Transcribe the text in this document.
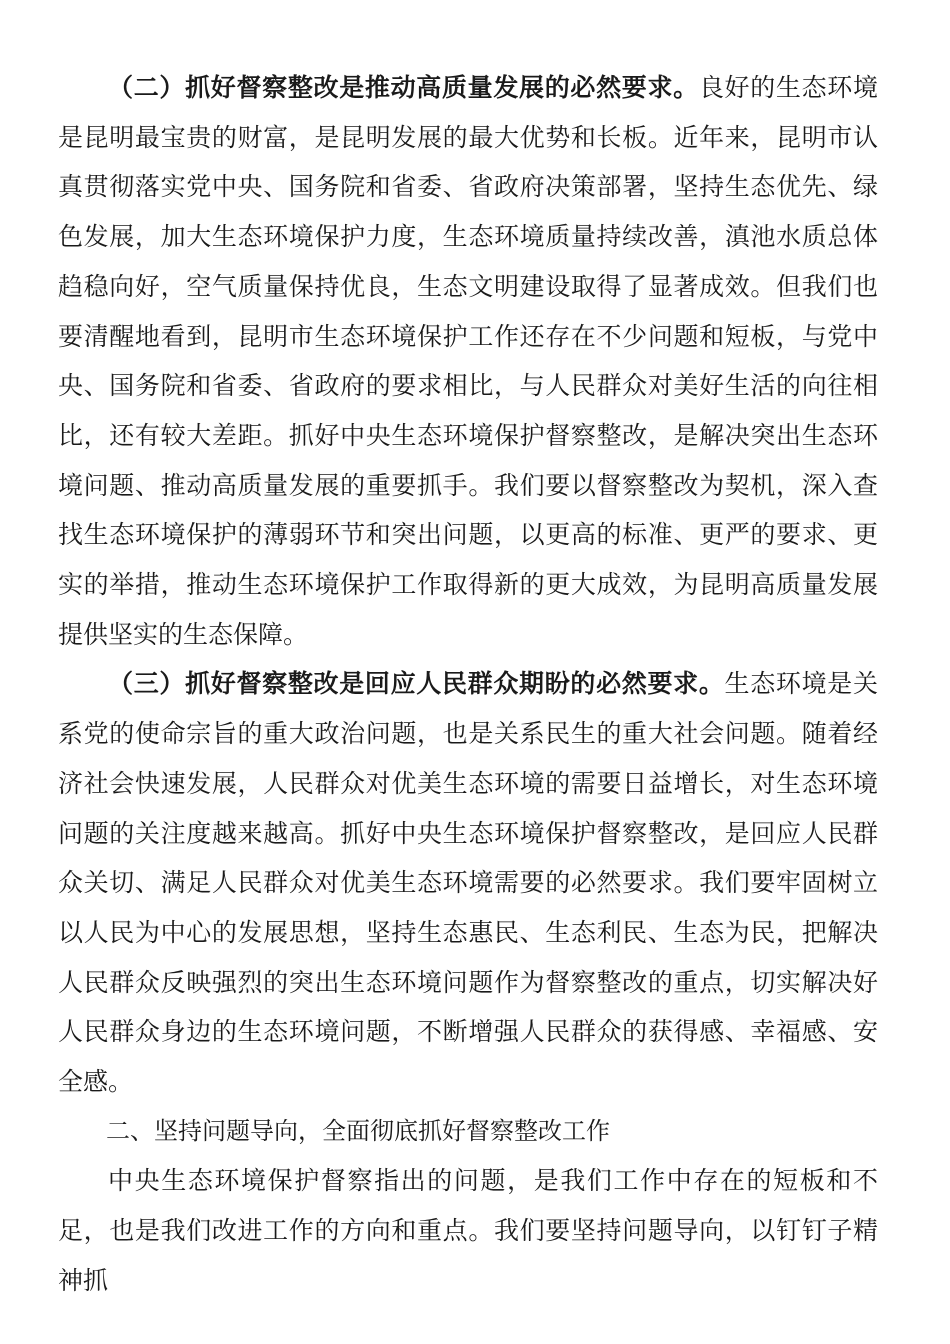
（二）抓好督察整改是推动高质量发展的必然要求。良好的生态环境是昆明最宝贵的财富，是昆明发展的最大优势和长板。近年来，昆明市认真贯彻落实党中央、国务院和省委、省政府决策部署，坚持生态优先、绿色发展，加大生态环境保护力度，生态环境质量持续改善，滇池水质总体趋稳向好，空气质量保持优良，生态文明建设取得了显著成效。但我们也要清醒地看到，昆明市生态环境保护工作还存在不少问题和短板，与党中央、国务院和省委、省政府的要求相比，与人民群众对美好生活的向往相比，还有较大差距。抓好中央生态环境保护督察整改，是解决突出生态环境问题、推动高质量发展的重要抓手。我们要以督察整改为契机，深入查找生态环境保护的薄弱环节和突出问题，以更高的标准、更严的要求、更实的举措，推动生态环境保护工作取得新的更大成效，为昆明高质量发展提供坚实的生态保障。

（三）抓好督察整改是回应人民群众期盼的必然要求。生态环境是关系党的使命宗旨的重大政治问题，也是关系民生的重大社会问题。随着经济社会快速发展，人民群众对优美生态环境的需要日益增长，对生态环境问题的关注度越来越高。抓好中央生态环境保护督察整改，是回应人民群众关切、满足人民群众对优美生态环境需要的必然要求。我们要牢固树立以人民为中心的发展思想，坚持生态惠民、生态利民、生态为民，把解决人民群众反映强烈的突出生态环境问题作为督察整改的重点，切实解决好人民群众身边的生态环境问题，不断增强人民群众的获得感、幸福感、安全感。

二、坚持问题导向，全面彻底抓好督察整改工作

中央生态环境保护督察指出的问题，是我们工作中存在的短板和不足，也是我们改进工作的方向和重点。我们要坚持问题导向，以钉钉子精神抓
